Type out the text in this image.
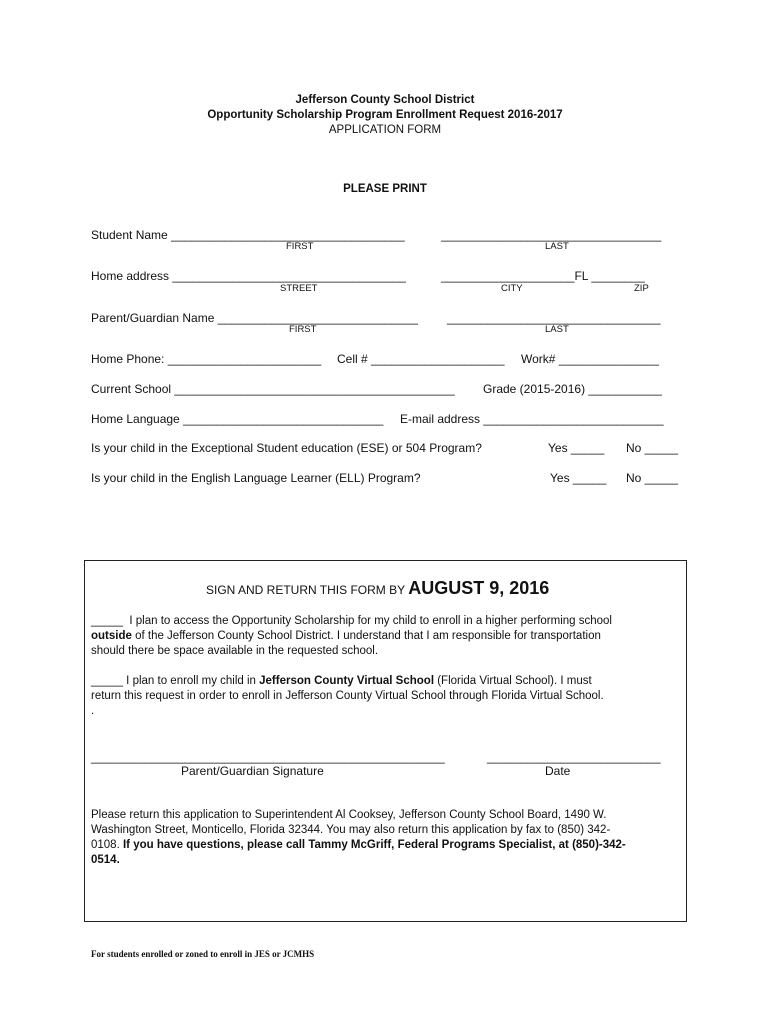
Jefferson County School District
Opportunity Scholarship Program Enrollment Request 2016-2017
APPLICATION FORM
PLEASE PRINT
Student Name ___________________________________	_________________________________
FIRST	LAST
Home address ___________________________________	____________________FL ________
STREET	CITY	ZIP
Parent/Guardian Name ______________________________ ________________________________
FIRST	LAST
Home Phone: _______________________ Cell # ____________________ Work# _______________
Current School __________________________________________ Grade (2015-2016) ___________
Home Language ______________________________ E-mail address ___________________________
Is your child in the Exceptional Student education (ESE) or 504 Program?	Yes _____ No _____
Is your child in the English Language Learner (ELL) Program?	Yes _____ No _____
SIGN AND RETURN THIS FORM BY AUGUST 9, 2016
_____ I plan to access the Opportunity Scholarship for my child to enroll in a higher performing school
outside of the Jefferson County School District. I understand that I am responsible for transportation
should there be space available in the requested school.
_____ I plan to enroll my child in Jefferson County Virtual School (Florida Virtual School). I must
return this request in order to enroll in Jefferson County Virtual School through Florida Virtual School.
.
_____________________________________________________	__________________________
Parent/Guardian Signature	Date
Please return this application to Superintendent Al Cooksey, Jefferson County School Board, 1490 W.
Washington Street, Monticello, Florida 32344. You may also return this application by fax to (850) 342-
0108. If you have questions, please call Tammy McGriff, Federal Programs Specialist, at (850)-342-
0514.
For students enrolled or zoned to enroll in JES or JCMHS
